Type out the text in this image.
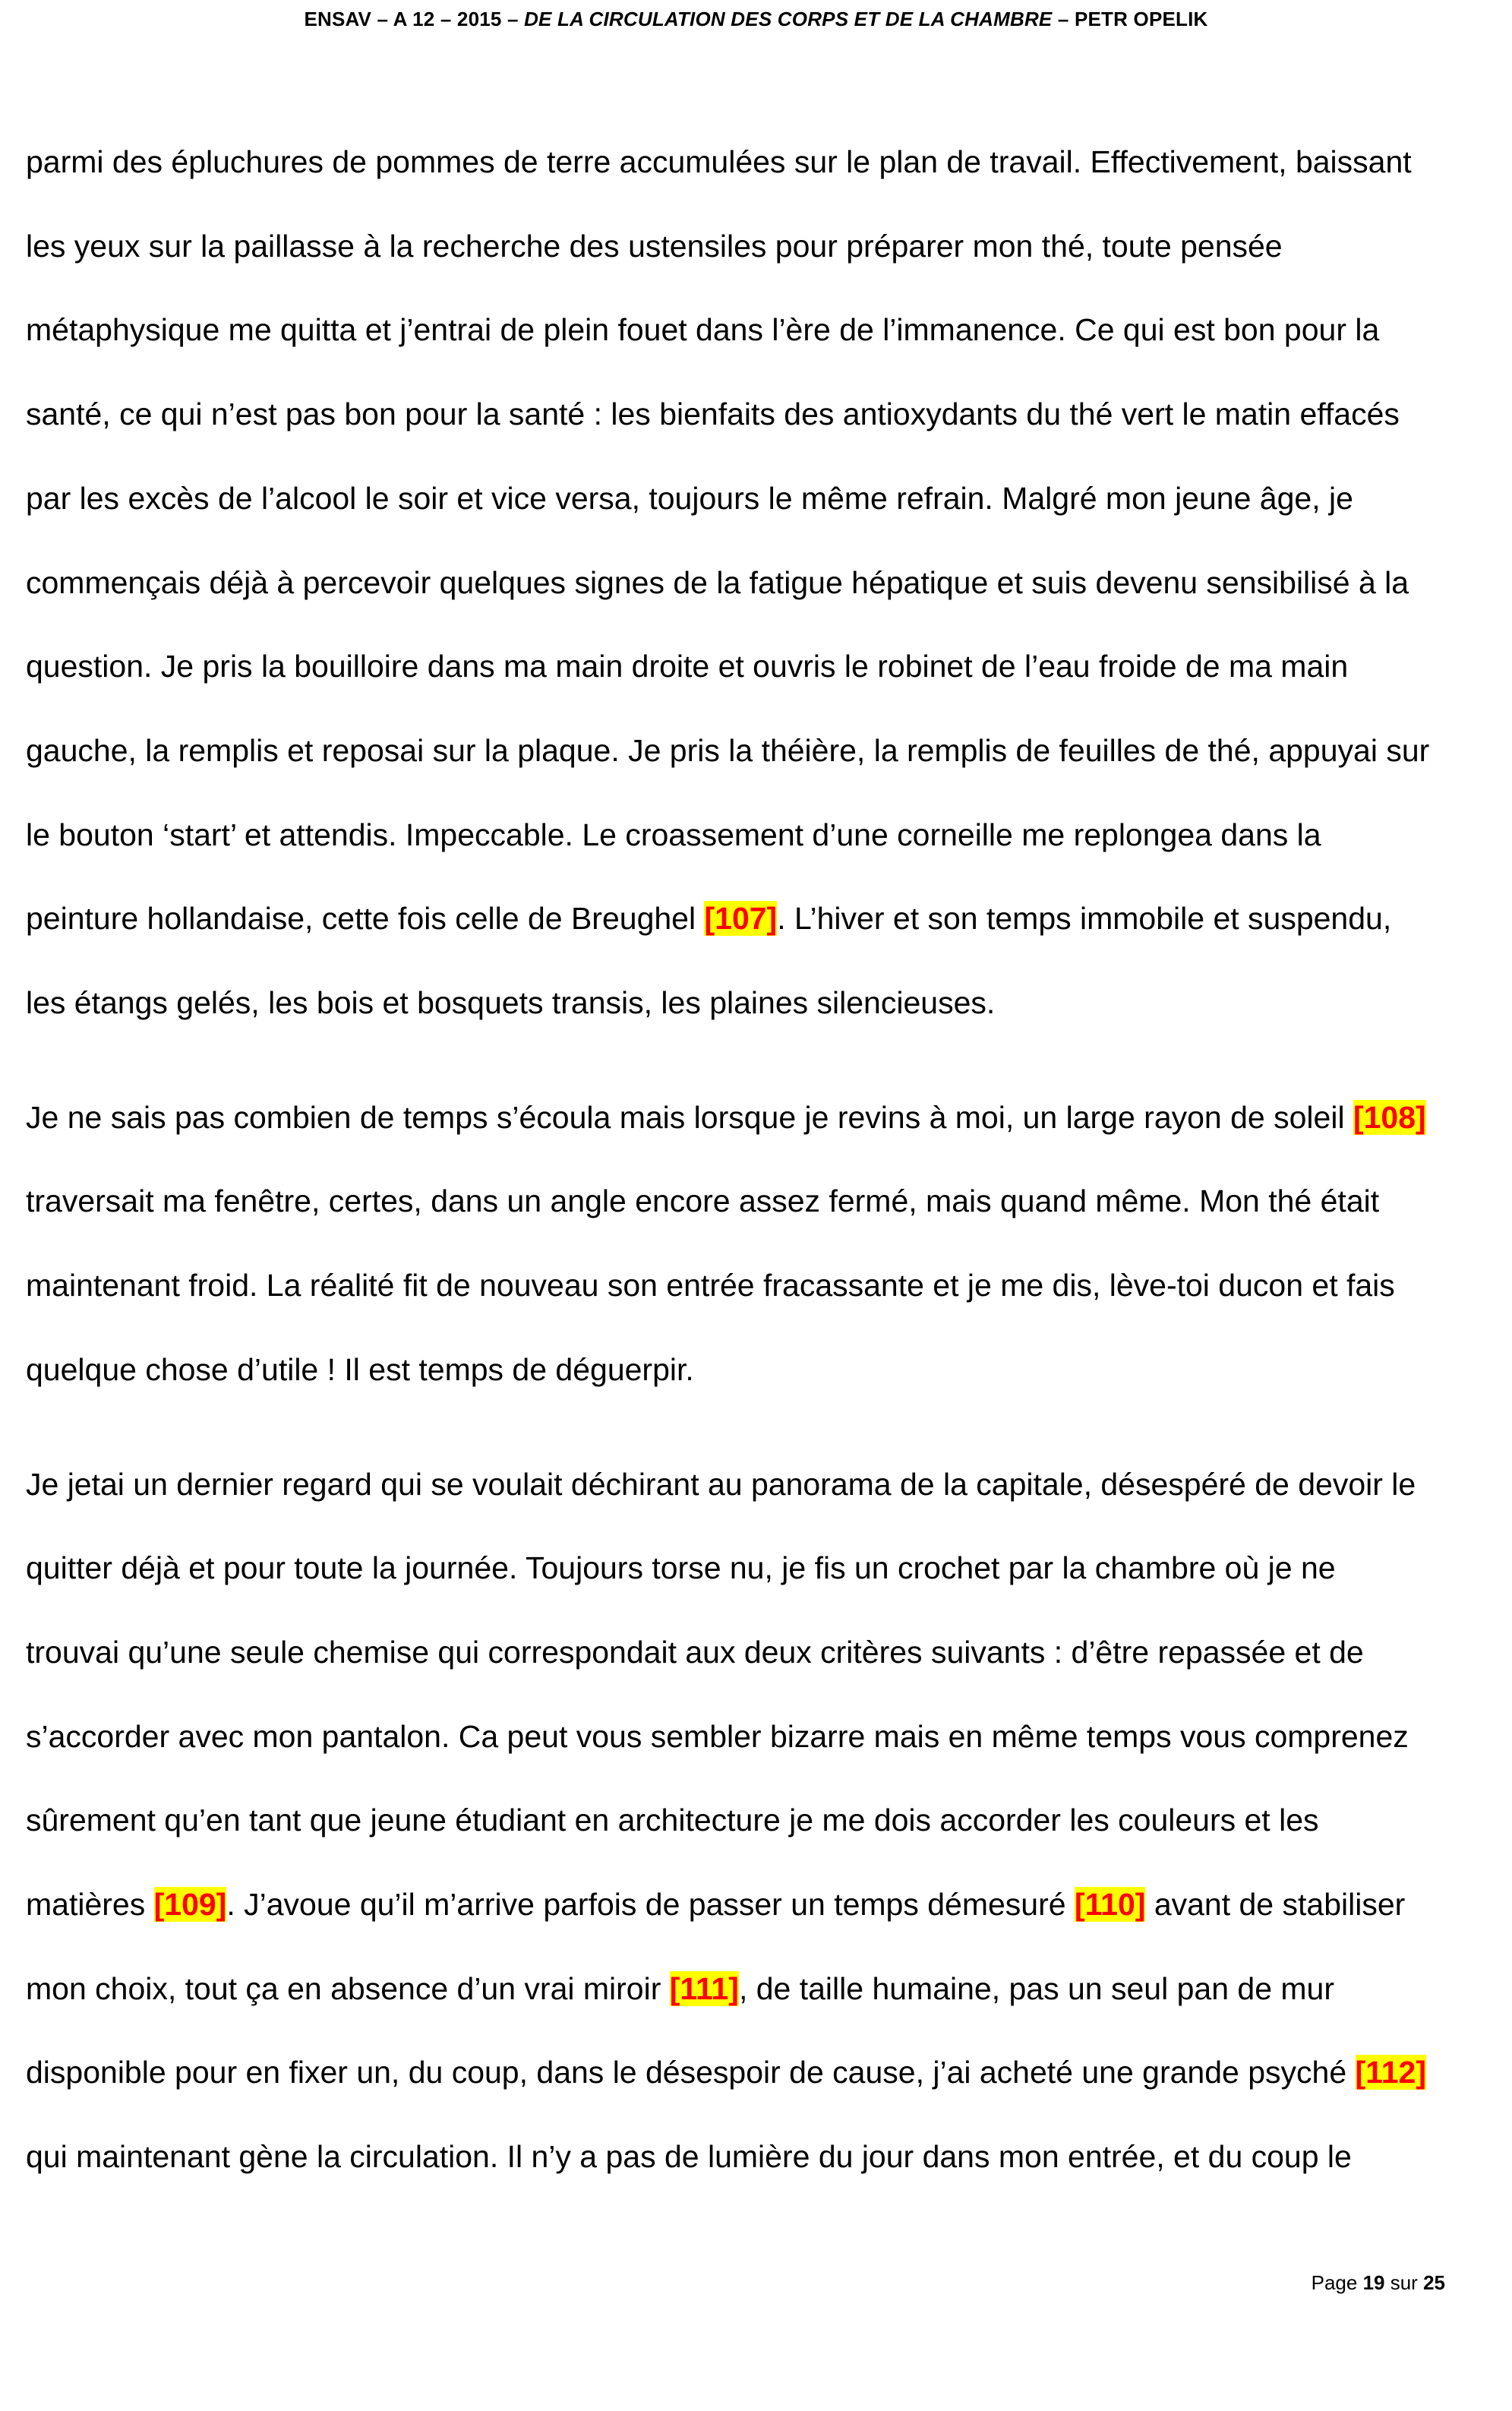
ENSAV – A 12 – 2015 – DE LA CIRCULATION DES CORPS ET DE LA CHAMBRE – PETR OPELIK
parmi des épluchures de pommes de terre accumulées sur le plan de travail. Effectivement, baissant
les yeux sur la paillasse à la recherche des ustensiles pour préparer mon thé, toute pensée
métaphysique me quitta et j’entrai de plein fouet dans l’ère de l’immanence. Ce qui est bon pour la
santé, ce qui n’est pas bon pour la santé : les bienfaits des antioxydants du thé vert le matin effacés
par les excès de l’alcool le soir et vice versa, toujours le même refrain. Malgré mon jeune âge, je
commençais déjà à percevoir quelques signes de la fatigue hépatique et suis devenu sensibilisé à la
question. Je pris la bouilloire dans ma main droite et ouvris le robinet de l’eau froide de ma main
gauche, la remplis et reposai sur la plaque. Je pris la théière, la remplis de feuilles de thé, appuyai sur
le bouton ‘start’ et attendis. Impeccable. Le croassement d’une corneille me replongea dans la
peinture hollandaise, cette fois celle de Breughel [107]. L’hiver et son temps immobile et suspendu,
les étangs gelés, les bois et bosquets transis, les plaines silencieuses.
Je ne sais pas combien de temps s’écoula mais lorsque je revins à moi, un large rayon de soleil [108]
traversait ma fenêtre, certes, dans un angle encore assez fermé, mais quand même. Mon thé était
maintenant froid. La réalité fit de nouveau son entrée fracassante et je me dis, lève-toi ducon et fais
quelque chose d’utile ! Il est temps de déguerpir.
Je jetai un dernier regard qui se voulait déchirant au panorama de la capitale, désespéré de devoir le
quitter déjà et pour toute la journée. Toujours torse nu, je fis un crochet par la chambre où je ne
trouvai qu’une seule chemise qui correspondait aux deux critères suivants : d’être repassée et de
s’accorder avec mon pantalon. Ca peut vous sembler bizarre mais en même temps vous comprenez
sûrement qu’en tant que jeune étudiant en architecture je me dois accorder les couleurs et les
matières [109]. J’avoue qu’il m’arrive parfois de passer un temps démesuré [110] avant de stabiliser
mon choix, tout ça en absence d’un vrai miroir [111], de taille humaine, pas un seul pan de mur
disponible pour en fixer un, du coup, dans le désespoir de cause, j’ai acheté une grande psyché [112]
qui maintenant gène la circulation. Il n’y a pas de lumière du jour dans mon entrée, et du coup le
Page 19 sur 25
